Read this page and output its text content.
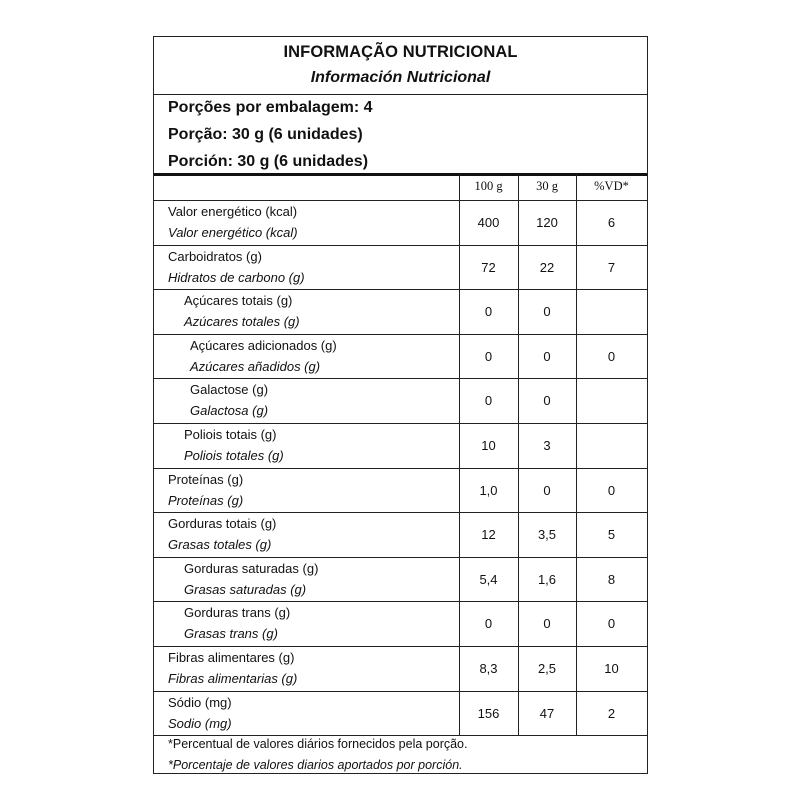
INFORMAÇÃO NUTRICIONAL
Información Nutricional
Porções por embalagem: 4
Porção: 30 g (6 unidades)
Porción: 30 g (6 unidades)
100 g	30 g	%VD*
Valor energético (kcal)
Valor energético (kcal)
400	120	6
Carboidratos (g)
Hidratos de carbono (g)
72	22	7
Açúcares totais (g)
Azúcares totales (g)
0	0
Açúcares adicionados (g)
Azúcares añadidos (g)
0	0	0
Galactose (g)
Galactosa (g)
0	0
Poliois totais (g)
Poliois totales (g)
10	3
Proteínas (g)
Proteínas (g)
1,0	0	0
Gorduras totais (g)
Grasas totales (g)
12	3,5	5
Gorduras saturadas (g)
Grasas saturadas (g)
5,4	1,6	8
Gorduras trans (g)
Grasas trans (g)
0	0	0
Fibras alimentares (g)
Fibras alimentarias (g)
8,3	2,5	10
Sódio (mg)
Sodio (mg)
156	47	2
*Percentual de valores diários fornecidos pela porção.
*Porcentaje de valores diarios aportados por porción.
